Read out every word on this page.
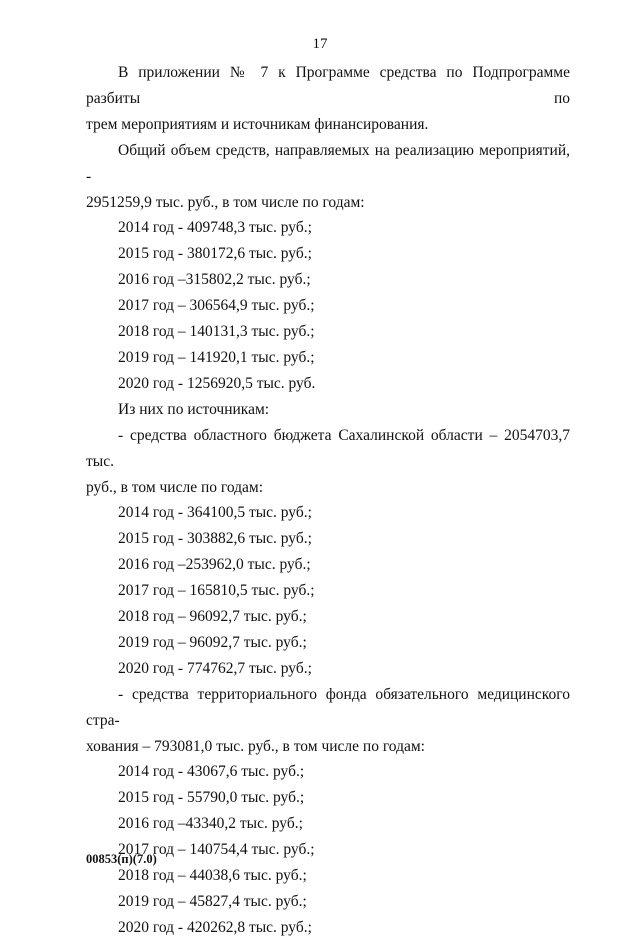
17

В приложении № 7 к Программе средства по Подпрограмме разбиты по

трем мероприятиям и источникам финансирования.

Общий объем средств, направляемых на реализацию мероприятий, -

2951259,9 тыс. руб., в том числе по годам:

2014 год - 409748,3 тыс. руб.;

2015 год - 380172,6 тыс. руб.;

2016 год –315802,2 тыс. руб.;

2017 год – 306564,9 тыс. руб.;

2018 год – 140131,3 тыс. руб.;

2019 год – 141920,1 тыс. руб.;

2020 год - 1256920,5 тыс. руб.

Из них по источникам:

- средства областного бюджета Сахалинской области – 2054703,7 тыс.

руб., в том числе по годам:

2014 год - 364100,5 тыс. руб.;

2015 год - 303882,6 тыс. руб.;

2016 год –253962,0 тыс. руб.;

2017 год – 165810,5 тыс. руб.;

2018 год – 96092,7 тыс. руб.;

2019 год – 96092,7 тыс. руб.;

2020 год - 774762,7 тыс. руб.;

- средства территориального фонда обязательного медицинского стра-

хования – 793081,0 тыс. руб., в том числе по годам:

2014 год - 43067,6 тыс. руб.;

2015 год - 55790,0 тыс. руб.;

2016 год –43340,2 тыс. руб.;

2017 год – 140754,4 тыс. руб.;

2018 год – 44038,6 тыс. руб.;

2019 год – 45827,4 тыс. руб.;

2020 год - 420262,8 тыс. руб.;

00853(п)(7.0)
